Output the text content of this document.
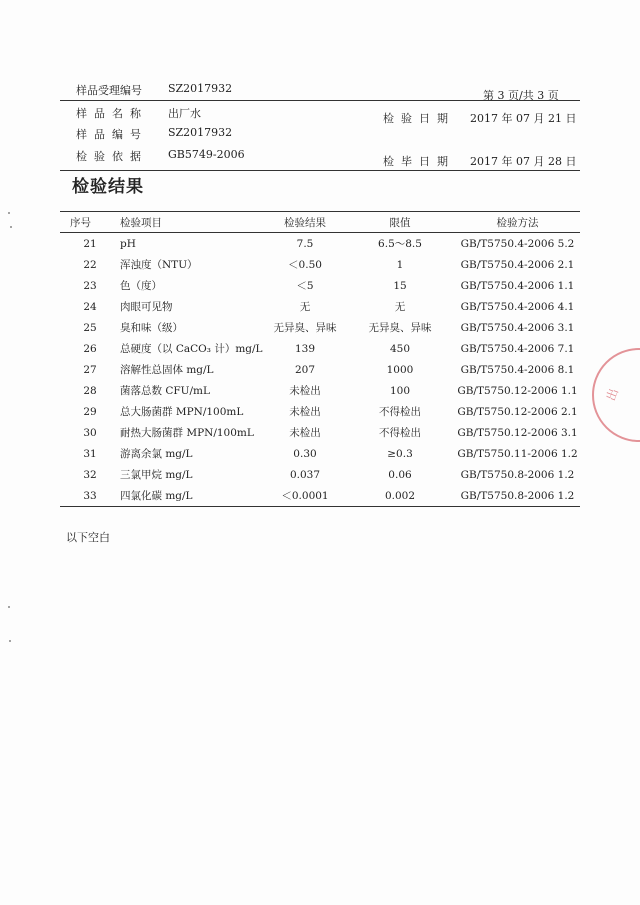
样品受理编号 SZ2017932
第 3 页/共 3 页
样品名称 出厂水	检验日期 2017 年 07 月 21 日
样品编号 SZ2017932
检验依据 GB5749-2006
检毕日期 2017 年 07 月 28 日
检验结果
序号	检验项目	检验结果	限值	检验方法
21	pH	7.5	6.5～8.5	GB/T5750.4-2006 5.2
22	浑浊度（NTU）	＜0.50	1	GB/T5750.4-2006 2.1
23	色（度）	＜5	15	GB/T5750.4-2006 1.1
24	肉眼可见物	无	无	GB/T5750.4-2006 4.1
25	臭和味（级）	无异臭、异味	无异臭、异味	GB/T5750.4-2006 3.1
26	总硬度（以 CaCO₃ 计）mg/L	139	450	GB/T5750.4-2006 7.1
27	溶解性总固体 mg/L	207	1000	GB/T5750.4-2006 8.1
28	菌落总数 CFU/mL	未检出	100	GB/T5750.12-2006 1.1
29	总大肠菌群 MPN/100mL	未检出	不得检出	GB/T5750.12-2006 2.1
30	耐热大肠菌群 MPN/100mL	未检出	不得检出	GB/T5750.12-2006 3.1
31	游离余氯 mg/L	0.30	≥0.3	GB/T5750.11-2006 1.2
32	三氯甲烷 mg/L	0.037	0.06	GB/T5750.8-2006 1.2
33	四氯化碳 mg/L	＜0.0001	0.002	GB/T5750.8-2006 1.2
以下空白
出
